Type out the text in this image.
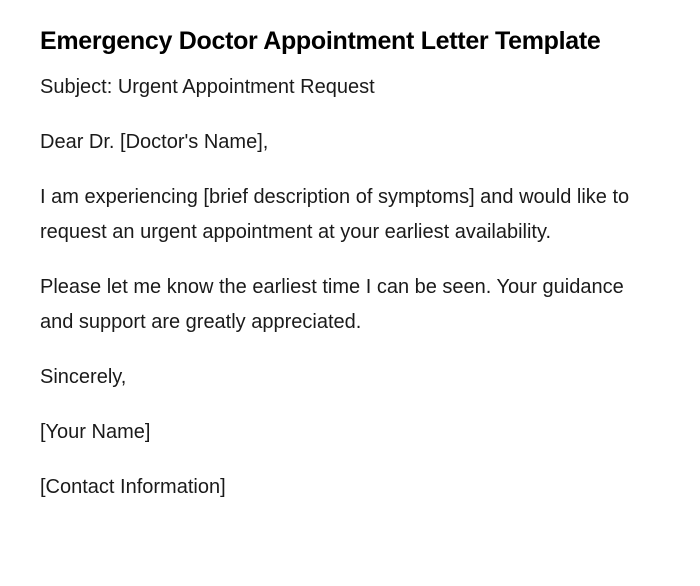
Emergency Doctor Appointment Letter Template

Subject: Urgent Appointment Request

Dear Dr. [Doctor's Name],

I am experiencing [brief description of symptoms] and would like to request an urgent appointment at your earliest availability.

Please let me know the earliest time I can be seen. Your guidance and support are greatly appreciated.

Sincerely,

[Your Name]

[Contact Information]
